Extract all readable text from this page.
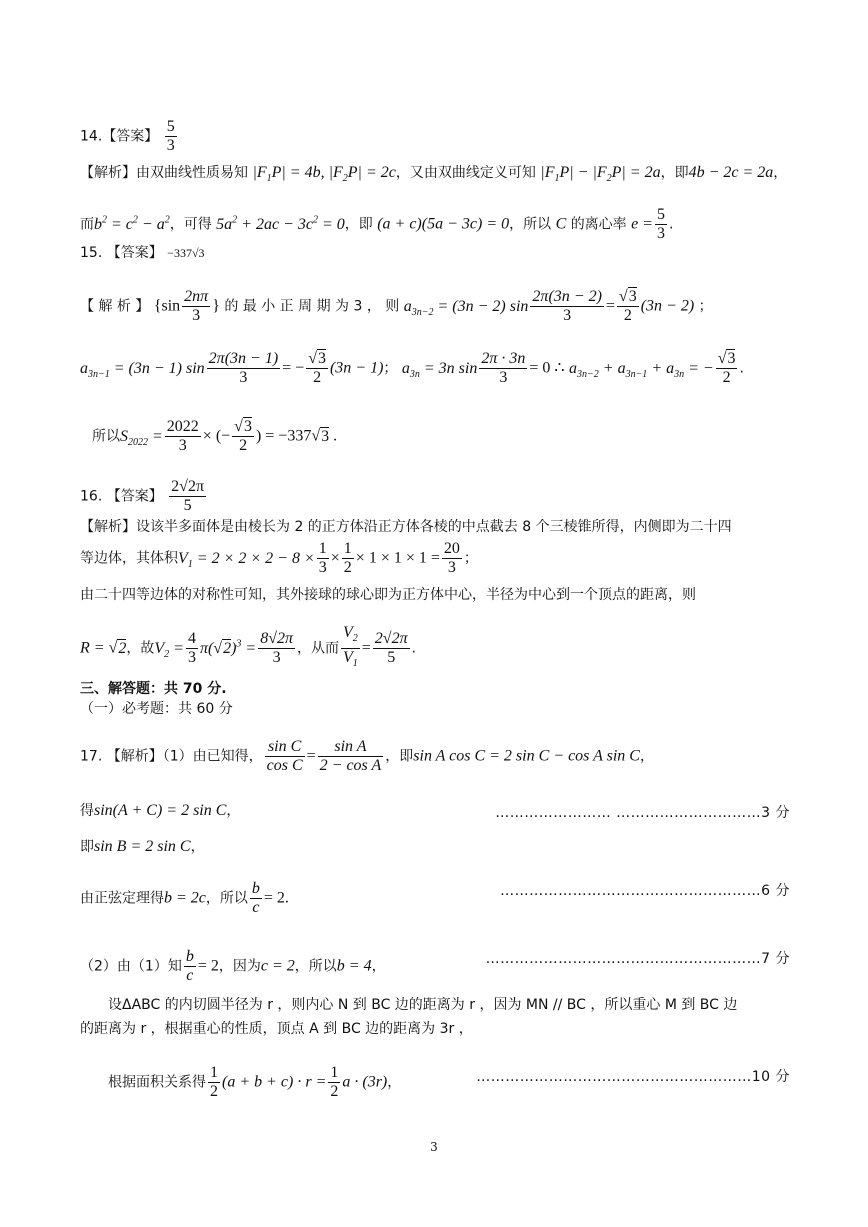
14.【答案】 $\frac{5}{3}$
【解析】由双曲线性质易知 $|F_1P| = 4b$, $|F_2P| = 2c$，又由双曲线定义可知 $|F_1P| - |F_2P| = 2a$，即4b − 2c = 2a，
而$b^2 = c^2 - a^2$，可得 $5a^2 + 2ac - 3c^2 = 0$，即 (a + c)(5a − 3c) = 0，所以 C 的离心率 $e = \frac{5}{3}$ .
15. 【答案】 −337√3
【 解 析 】 {$\sin \frac{2n\pi}{3}$ } 的 最 小 正 周 期 为 3 ， 则 $a_{3n-2} = (3n - 2)$ $\sin \frac{2\pi(3n - 2)}{3} = \frac{√3}{2} (3n - 2)$ ；
$a_{3n-1} = (3n - 1)$ $\sin \frac{2\pi(3n - 1)}{3}$ = − $\frac{√3}{2} (3n - 1)$； $a_{3n} = 3n$ $\sin \frac{2\pi \cdot 3n}{3} = 0$ ∴ $a_{3n-2} + a_{3n-1} + a_{3n}$ = − $\frac{√3}{2}$ .
所以$S_{2022} = \frac{2022}{3}$ × (− $\frac{√3}{2}$ ) = −337√3 .
16. 【答案】 $\frac{2√2\pi}{5}$
【解析】设该半多面体是由棱长为 2 的正方体沿正方体各棱的中点截去 8 个三棱锥所得，内侧即为二十四
等边体，其体积$V_1 = 2 \times 2 \times 2 - 8 \times \frac{1}{3} \times \frac{1}{2} \times 1 \times 1 \times 1 = \frac{20}{3}$ ；
由二十四等边体的对称性可知，其外接球的球心即为正方体中心，半径为中心到一个顶点的距离，则
R = √2，故$V_2 = \frac{4}{3} \pi(√2)^3 = \frac{8√2\pi}{3}$ ，从而 $\frac{V_2}{V_1} = \frac{2√2\pi}{5}$ .
三、解答题：共 70 分.
（一）必考题：共 60 分
17. 【解析】（1）由已知得， $\frac{\text{sin C}}{\text{cos C}} = \frac{\text{sin A}}{\text{2 − cos A}}$ ，即sin A cos C = 2 sin C − cos A sin C，
得sin(A + C) = 2 sin C，	…………………… …………………………3 分
即sin B = 2 sin C，
由正弦定理得b = 2c，所以 $\frac{b}{c} = 2$.	………………………………………………6 分
（2）由（1）知 $\frac{b}{c} = 2$，因为c = 2，所以b = 4，	…………………………………………………7 分
设ΔABC 的内切圆半径为 r ，则内心 N 到 BC 边的距离为 r ，因为 MN // BC ，所以重心 M 到 BC 边
的距离为 r ，根据重心的性质，顶点 A 到 BC 边的距离为 3r ，
根据面积关系得 $\frac{1}{2} (a + b + c) \cdot r = \frac{1}{2}$ a · (3r)，	…………………………………………………10 分
3
